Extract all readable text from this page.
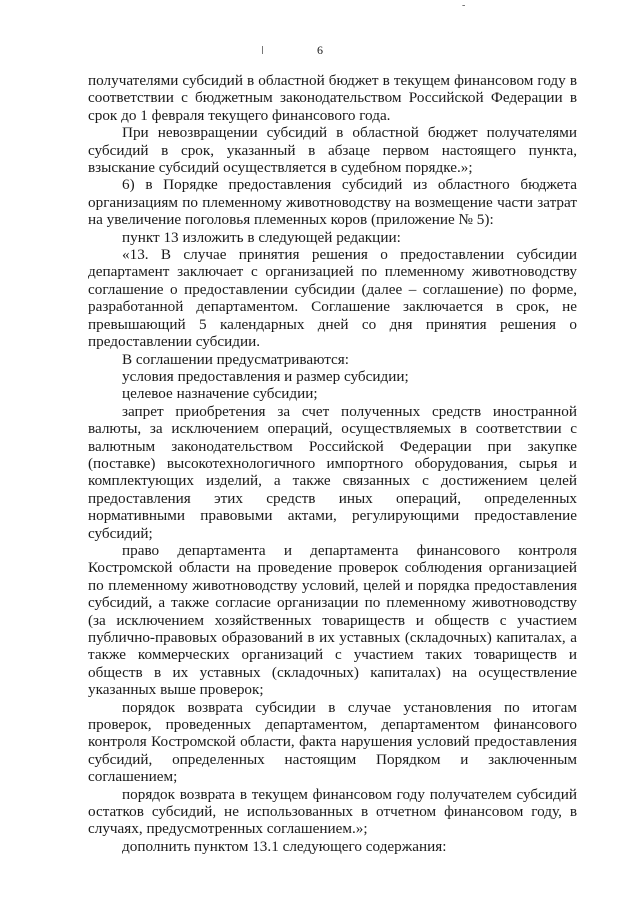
-
6

получателями субсидий в областной бюджет в текущем финансовом году в соответствии с бюджетным законодательством Российской Федерации в срок до 1 февраля текущего финансового года.

При невозвращении субсидий в областной бюджет получателями субсидий в срок, указанный в абзаце первом настоящего пункта, взыскание субсидий осуществляется в судебном порядке.»;

6) в Порядке предоставления субсидий из областного бюджета организациям по племенному животноводству на возмещение части затрат на увеличение поголовья племенных коров (приложение № 5):

пункт 13 изложить в следующей редакции:

«13. В случае принятия решения о предоставлении субсидии департамент заключает с организацией по племенному животноводству соглашение о предоставлении субсидии (далее – соглашение) по форме, разработанной департаментом. Соглашение заключается в срок, не превышающий 5 календарных дней со дня принятия решения о предоставлении субсидии.

В соглашении предусматриваются:

условия предоставления и размер субсидии;

целевое назначение субсидии;

запрет приобретения за счет полученных средств иностранной валюты, за исключением операций, осуществляемых в соответствии с валютным законодательством Российской Федерации при закупке (поставке) высокотехнологичного импортного оборудования, сырья и комплектующих изделий, а также связанных с достижением целей предоставления этих средств иных операций, определенных нормативными правовыми актами, регулирующими предоставление субсидий;

право департамента и департамента финансового контроля Костромской области на проведение проверок соблюдения организацией по племенному животноводству условий, целей и порядка предоставления субсидий, а также согласие организации по племенному животноводству (за исключением хозяйственных товариществ и обществ с участием публично-правовых образований в их уставных (складочных) капиталах, а также коммерческих организаций с участием таких товариществ и обществ в их уставных (складочных) капиталах) на осуществление указанных выше проверок;

порядок возврата субсидии в случае установления по итогам проверок, проведенных департаментом, департаментом финансового контроля Костромской области, факта нарушения условий предоставления субсидий, определенных настоящим Порядком и заключенным соглашением;

порядок возврата в текущем финансовом году получателем субсидий остатков субсидий, не использованных в отчетном финансовом году, в случаях, предусмотренных соглашением.»;

дополнить пунктом 13.1 следующего содержания:
